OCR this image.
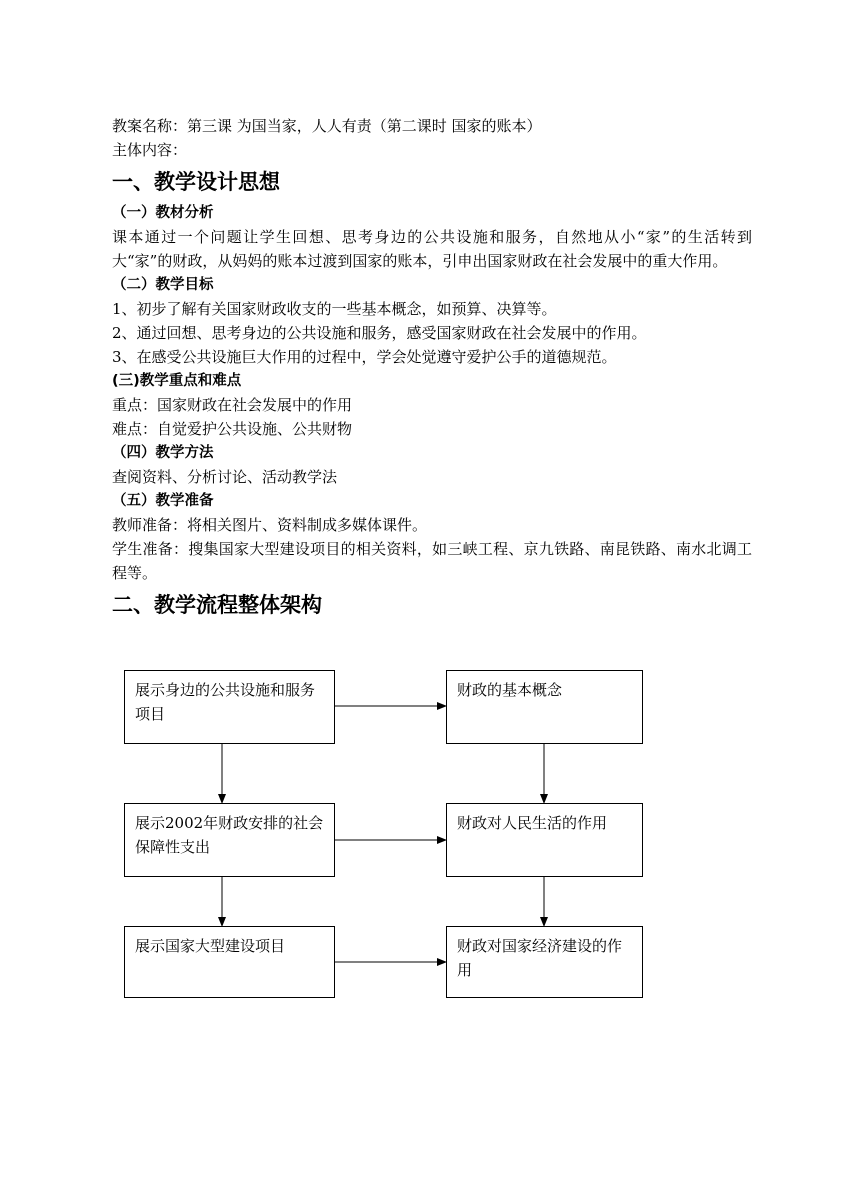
教案名称：第三课 为国当家，人人有责（第二课时 国家的账本）

主体内容：

一、教学设计思想
（一）教材分析

课本通过一个问题让学生回想、思考身边的公共设施和服务，自然地从小“家”的生活转到大“家”的财政，从妈妈的账本过渡到国家的账本，引申出国家财政在社会发展中的重大作用。

（二）教学目标

1、初步了解有关国家财政收支的一些基本概念，如预算、决算等。

2、通过回想、思考身边的公共设施和服务，感受国家财政在社会发展中的作用。

3、在感受公共设施巨大作用的过程中，学会处觉遵守爱护公手的道德规范。

(三)教学重点和难点

重点：国家财政在社会发展中的作用

难点：自觉爱护公共设施、公共财物

（四）教学方法

查阅资料、分析讨论、活动教学法

（五）教学准备

教师准备：将相关图片、资料制成多媒体课件。

学生准备：搜集国家大型建设项目的相关资料，如三峡工程、京九铁路、南昆铁路、南水北调工程等。

二、教学流程整体架构
展示身边的公共设施和服务项目
展示2002年财政安排的社会保障性支出
展示国家大型建设项目
财政的基本概念
财政对人民生活的作用
财政对国家经济建设的作用
